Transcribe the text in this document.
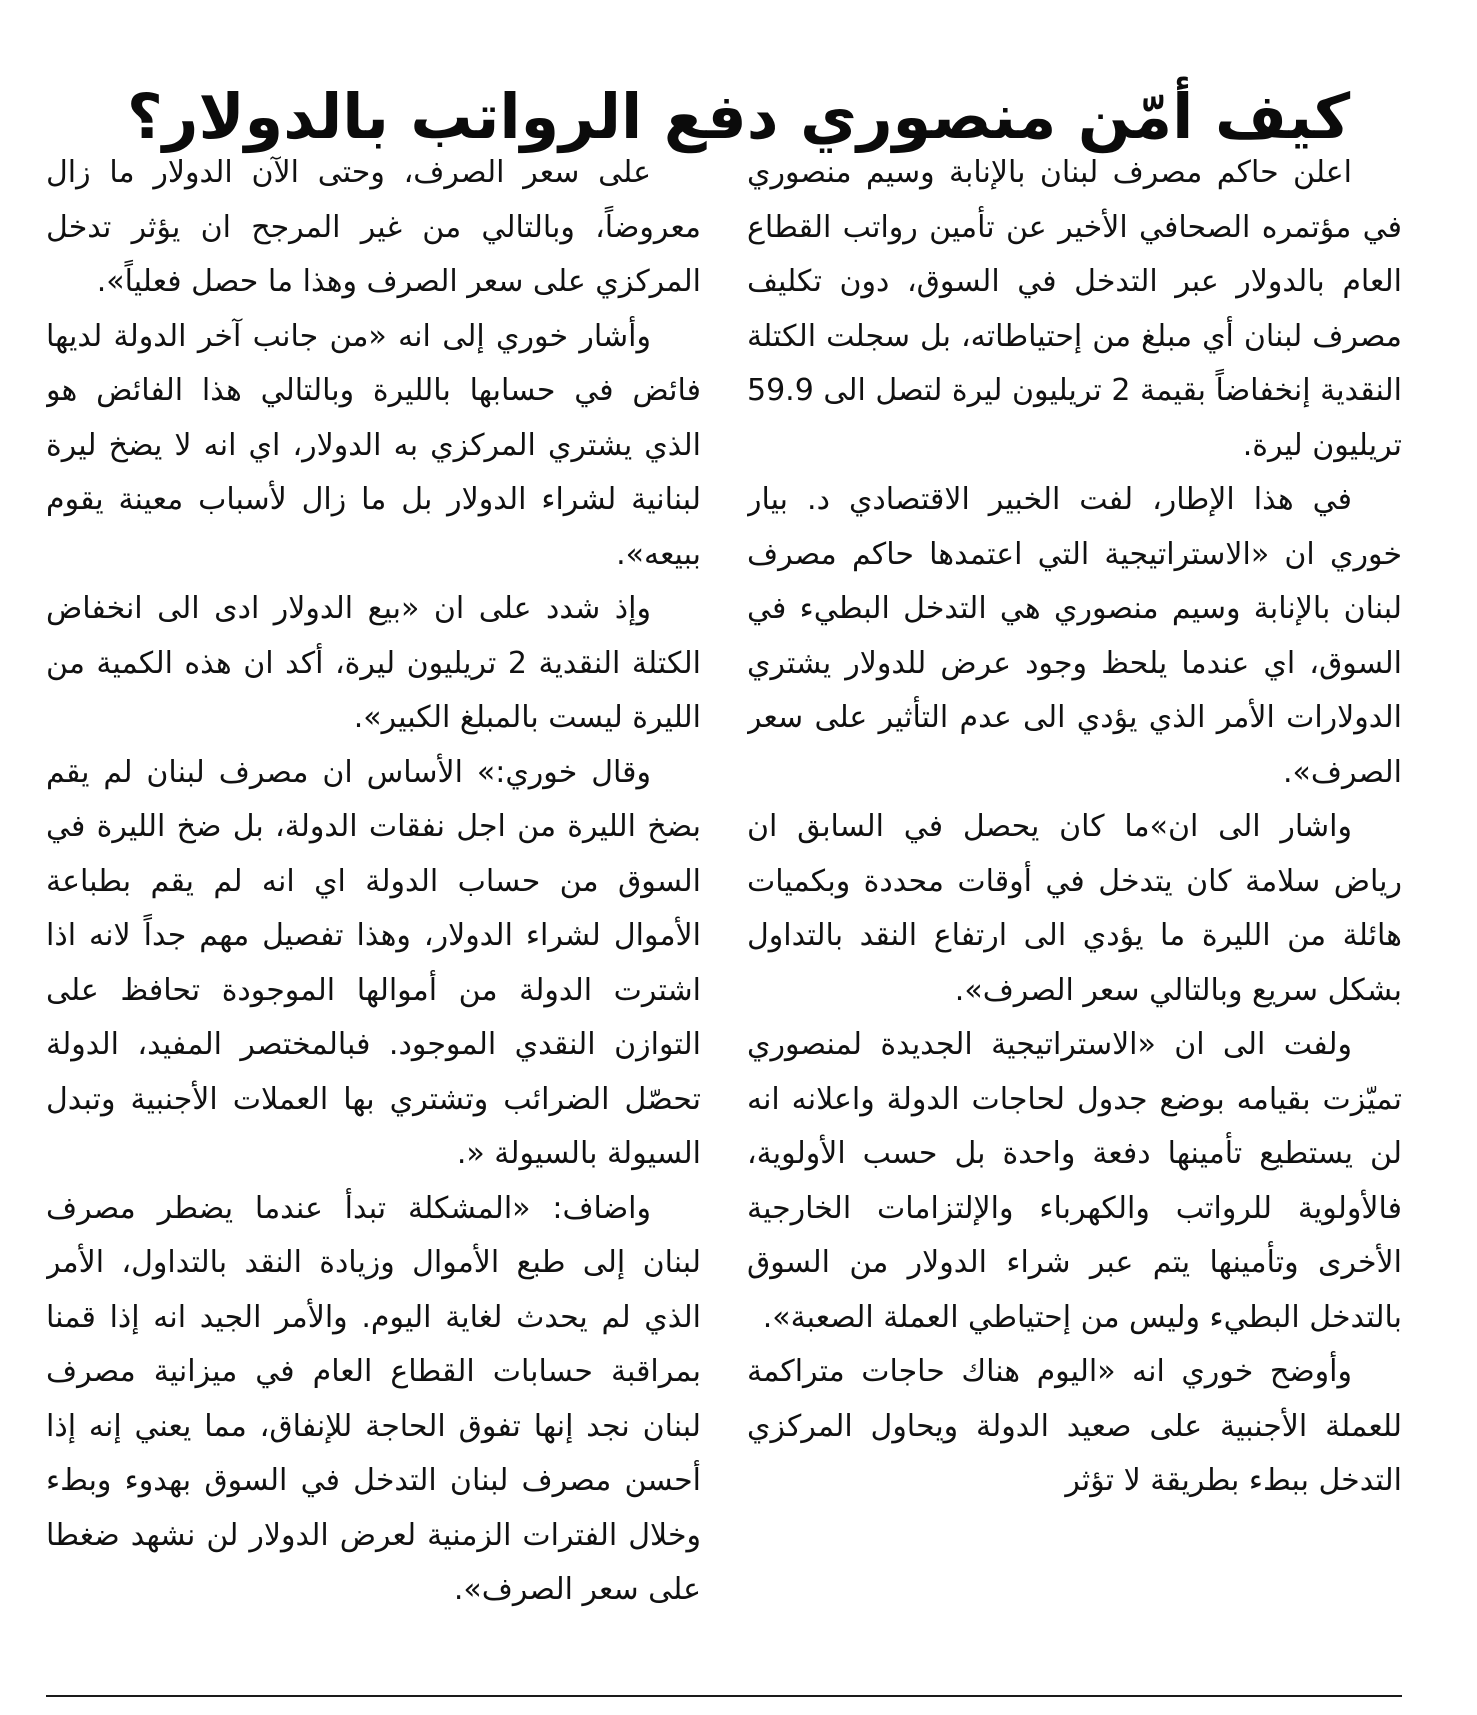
كيف أمّن منصوري دفع الرواتب بالدولار؟

اعلن حاكم مصرف لبنان بالإنابة وسيم منصوري في مؤتمره الصحافي الأخير عن تأمين رواتب القطاع العام بالدولار عبر التدخل في السوق، دون تكليف مصرف لبنان أي مبلغ من إحتياطاته، بل سجلت الكتلة النقدية إنخفاضاً بقيمة 2 تريليون ليرة لتصل الى 59.9 تريليون ليرة.

في هذا الإطار، لفت الخبير الاقتصادي د. بيار خوري ان «الاستراتيجية التي اعتمدها حاكم مصرف لبنان بالإنابة وسيم منصوري هي التدخل البطيء في السوق، اي عندما يلحظ وجود عرض للدولار يشتري الدولارات الأمر الذي يؤدي الى عدم التأثير على سعر الصرف».

واشار الى ان»ما كان يحصل في السابق ان رياض سلامة كان يتدخل في أوقات محددة وبكميات هائلة من الليرة ما يؤدي الى ارتفاع النقد بالتداول بشكل سريع وبالتالي سعر الصرف».

ولفت الى ان «الاستراتيجية الجديدة لمنصوري تميّزت بقيامه بوضع جدول لحاجات الدولة واعلانه انه لن يستطيع تأمينها دفعة واحدة بل حسب الأولوية، فالأولوية للرواتب والكهرباء والإلتزامات الخارجية الأخرى وتأمينها يتم عبر شراء الدولار من السوق بالتدخل البطيء وليس من إحتياطي العملة الصعبة».

وأوضح خوري انه «اليوم هناك حاجات متراكمة للعملة الأجنبية على صعيد الدولة ويحاول المركزي التدخل ببطء بطريقة لا تؤثر

على سعر الصرف، وحتى الآن الدولار ما زال معروضاً، وبالتالي من غير المرجح ان يؤثر تدخل المركزي على سعر الصرف وهذا ما حصل فعلياً».

وأشار خوري إلى انه «من جانب آخر الدولة لديها فائض في حسابها بالليرة وبالتالي هذا الفائض هو الذي يشتري المركزي به الدولار، اي انه لا يضخ ليرة لبنانية لشراء الدولار بل ما زال لأسباب معينة يقوم ببيعه».

وإذ شدد على ان «بيع الدولار ادى الى انخفاض الكتلة النقدية 2 تريليون ليرة، أكد ان هذه الكمية من الليرة ليست بالمبلغ الكبير».

وقال خوري:» الأساس ان مصرف لبنان لم يقم بضخ الليرة من اجل نفقات الدولة، بل ضخ الليرة في السوق من حساب الدولة اي انه لم يقم بطباعة الأموال لشراء الدولار، وهذا تفصيل مهم جداً لانه اذا اشترت الدولة من أموالها الموجودة تحافظ على التوازن النقدي الموجود. فبالمختصر المفيد، الدولة تحصّل الضرائب وتشتري بها العملات الأجنبية وتبدل السيولة بالسيولة «.

واضاف: «المشكلة تبدأ عندما يضطر مصرف لبنان إلى طبع الأموال وزيادة النقد بالتداول، الأمر الذي لم يحدث لغاية اليوم. والأمر الجيد انه إذا قمنا بمراقبة حسابات القطاع العام في ميزانية مصرف لبنان نجد إنها تفوق الحاجة للإنفاق، مما يعني إنه إذا أحسن مصرف لبنان التدخل في السوق بهدوء وبطء وخلال الفترات الزمنية لعرض الدولار لن نشهد ضغطا على سعر الصرف».
